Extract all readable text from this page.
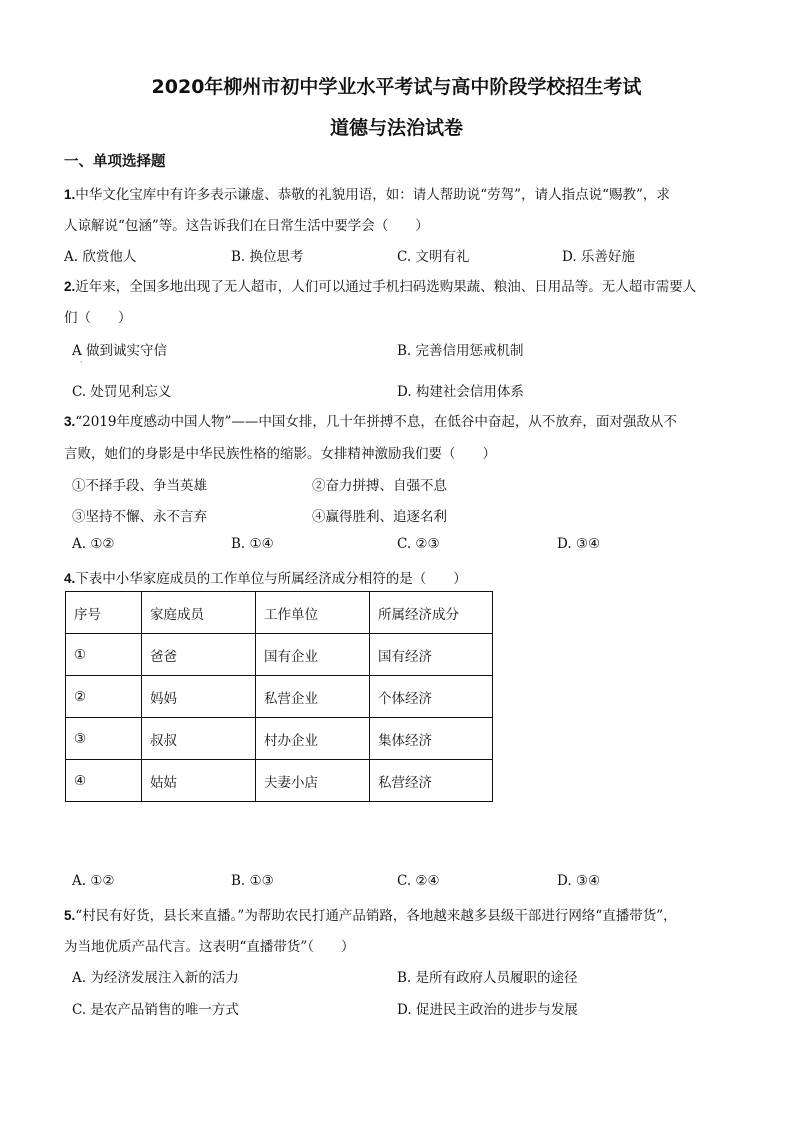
2020年柳州市初中学业水平考试与高中阶段学校招生考试
道德与法治试卷
一、单项选择题
1.中华文化宝库中有许多表示谦虚、恭敬的礼貌用语，如：请人帮助说“劳驾”，请人指点说“赐教”，求
人谅解说“包涵”等。这告诉我们在日常生活中要学会（　　）
A. 欣赏他人	B. 换位思考	C. 文明有礼	D. 乐善好施
2.近年来，全国多地出现了无人超市，人们可以通过手机扫码选购果蔬、粮油、日用品等。无人超市需要人
们（　　）
A 做到诚实守信
·
B. 完善信用惩戒机制
C. 处罚见利忘义	D. 构建社会信用体系
3.“2019年度感动中国人物”——中国女排，几十年拼搏不息，在低谷中奋起，从不放弃，面对强敌从不
言败，她们的身影是中华民族性格的缩影。女排精神激励我们要（　　）
①不择手段、争当英雄	②奋力拼搏、自强不息
③坚持不懈、永不言弃	④赢得胜利、追逐名利
A. ①②	B. ①④	C. ②③	D. ③④
4.下表中小华家庭成员的工作单位与所属经济成分相符的是（　　）
序号	家庭成员	工作单位	所属经济成分
①	爸爸	国有企业	国有经济
②	妈妈	私营企业	个体经济
③	叔叔	村办企业	集体经济
④	姑姑	夫妻小店	私营经济
A. ①②	B. ①③	C. ②④	D. ③④
5.“村民有好货，县长来直播。”为帮助农民打通产品销路，各地越来越多县级干部进行网络“直播带货”，
为当地优质产品代言。这表明“直播带货”（　　）
A. 为经济发展注入新的活力	B. 是所有政府人员履职的途径
C. 是农产品销售的唯一方式	D. 促进民主政治的进步与发展
